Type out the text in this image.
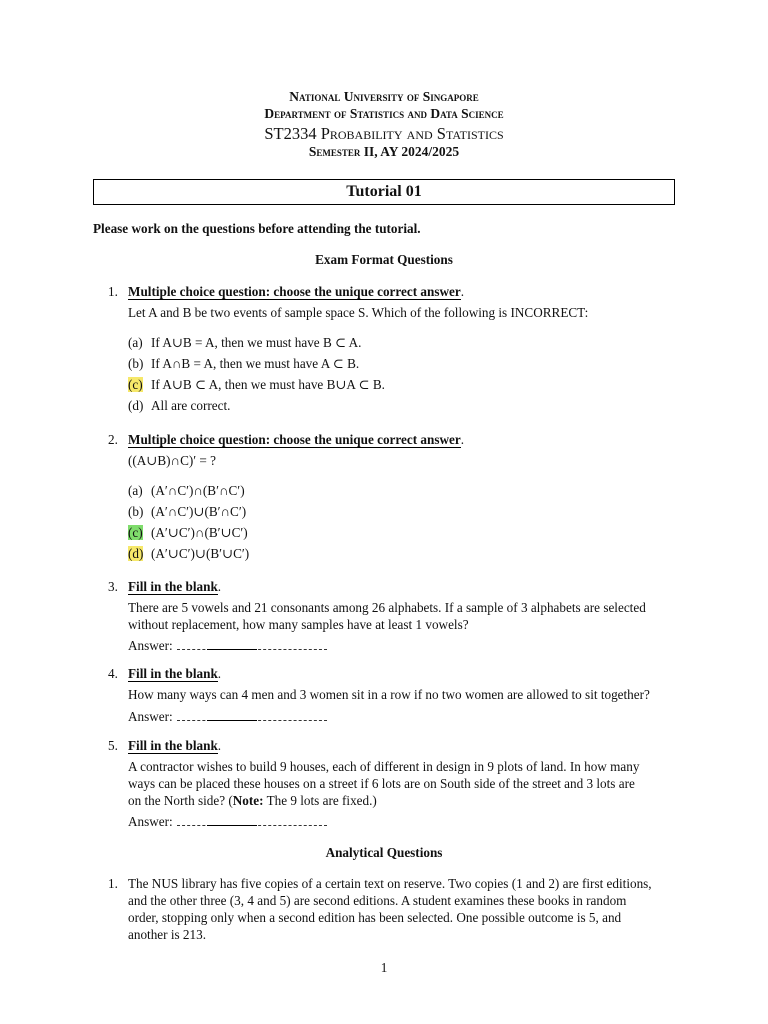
National University of Singapore
Department of Statistics and Data Science
ST2334 Probability and Statistics
Semester II, AY 2024/2025
Tutorial 01
Please work on the questions before attending the tutorial.
Exam Format Questions
1. Multiple choice question: choose the unique correct answer.
Let A and B be two events of sample space S. Which of the following is INCORRECT:
(a) If A∪B = A, then we must have B ⊂ A.
(b) If A∩B = A, then we must have A ⊂ B.
(c) If A∪B ⊂ A, then we must have B∪A ⊂ B.
(d) All are correct.
2. Multiple choice question: choose the unique correct answer.
((A∪B)∩C)′ = ?
(a) (A′∩C′)∩(B′∩C′)
(b) (A′∩C′)∪(B′∩C′)
(c) (A′∪C′)∩(B′∪C′)
(d) (A′∪C′)∪(B′∪C′)
3. Fill in the blank.
There are 5 vowels and 21 consonants among 26 alphabets. If a sample of 3 alphabets are selected
without replacement, how many samples have at least 1 vowels?
Answer:
4. Fill in the blank.
How many ways can 4 men and 3 women sit in a row if no two women are allowed to sit together?
Answer:
5. Fill in the blank.
A contractor wishes to build 9 houses, each of different in design in 9 plots of land. In how many
ways can be placed these houses on a street if 6 lots are on South side of the street and 3 lots are
on the North side? (Note: The 9 lots are fixed.)
Answer:
Analytical Questions
1. The NUS library has five copies of a certain text on reserve. Two copies (1 and 2) are first editions,
and the other three (3, 4 and 5) are second editions. A student examines these books in random
order, stopping only when a second edition has been selected. One possible outcome is 5, and
another is 213.
1
